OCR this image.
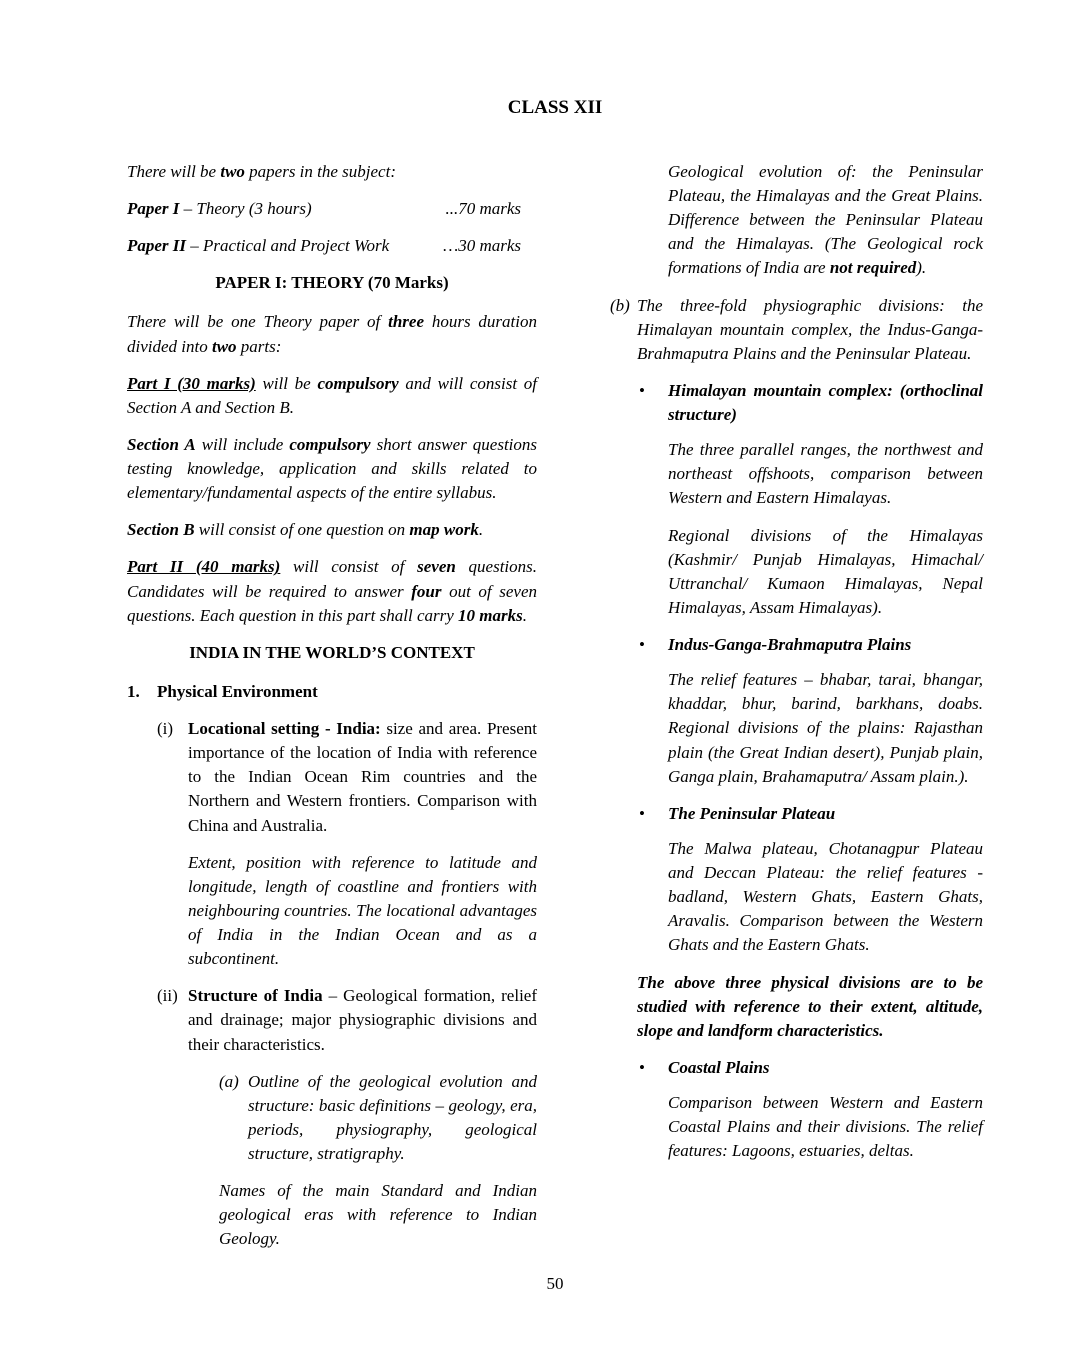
CLASS XII
There will be two papers in the subject:
Paper I – Theory (3 hours)	...70 marks
Paper II – Practical and Project Work	…30 marks
PAPER I: THEORY (70 Marks)
There will be one Theory paper of three hours duration divided into two parts:
Part I (30 marks) will be compulsory and will consist of Section A and Section B.
Section A will include compulsory short answer questions testing knowledge, application and skills related to elementary/fundamental aspects of the entire syllabus.
Section B will consist of one question on map work.
Part II (40 marks) will consist of seven questions. Candidates will be required to answer four out of seven questions. Each question in this part shall carry 10 marks.
INDIA IN THE WORLD’S CONTEXT
1. Physical Environment
(i) Locational setting - India: size and area. Present importance of the location of India with reference to the Indian Ocean Rim countries and the Northern and Western frontiers. Comparison with China and Australia.
Extent, position with reference to latitude and longitude, length of coastline and frontiers with neighbouring countries. The locational advantages of India in the Indian Ocean and as a subcontinent.
(ii) Structure of India – Geological formation, relief and drainage; major physiographic divisions and their characteristics.
(a) Outline of the geological evolution and structure: basic definitions – geology, era, periods, physiography, geological structure, stratigraphy.
Names of the main Standard and Indian geological eras with reference to Indian Geology.
Geological evolution of: the Peninsular Plateau, the Himalayas and the Great Plains. Difference between the Peninsular Plateau and the Himalayas. (The Geological rock formations of India are not required).
(b) The three-fold physiographic divisions: the Himalayan mountain complex, the Indus-Ganga-Brahmaputra Plains and the Peninsular Plateau.
• Himalayan mountain complex: (orthoclinal structure)
The three parallel ranges, the northwest and northeast offshoots, comparison between Western and Eastern Himalayas.
Regional divisions of the Himalayas (Kashmir/ Punjab Himalayas, Himachal/ Uttranchal/ Kumaon Himalayas, Nepal Himalayas, Assam Himalayas).
• Indus-Ganga-Brahmaputra Plains
The relief features – bhabar, tarai, bhangar, khaddar, bhur, barind, barkhans, doabs. Regional divisions of the plains: Rajasthan plain (the Great Indian desert), Punjab plain, Ganga plain, Brahamaputra/ Assam plain.).
• The Peninsular Plateau
The Malwa plateau, Chotanagpur Plateau and Deccan Plateau: the relief features - badland, Western Ghats, Eastern Ghats, Aravalis. Comparison between the Western Ghats and the Eastern Ghats.
The above three physical divisions are to be studied with reference to their extent, altitude, slope and landform characteristics.
• Coastal Plains
Comparison between Western and Eastern Coastal Plains and their divisions. The relief features: Lagoons, estuaries, deltas.
50
